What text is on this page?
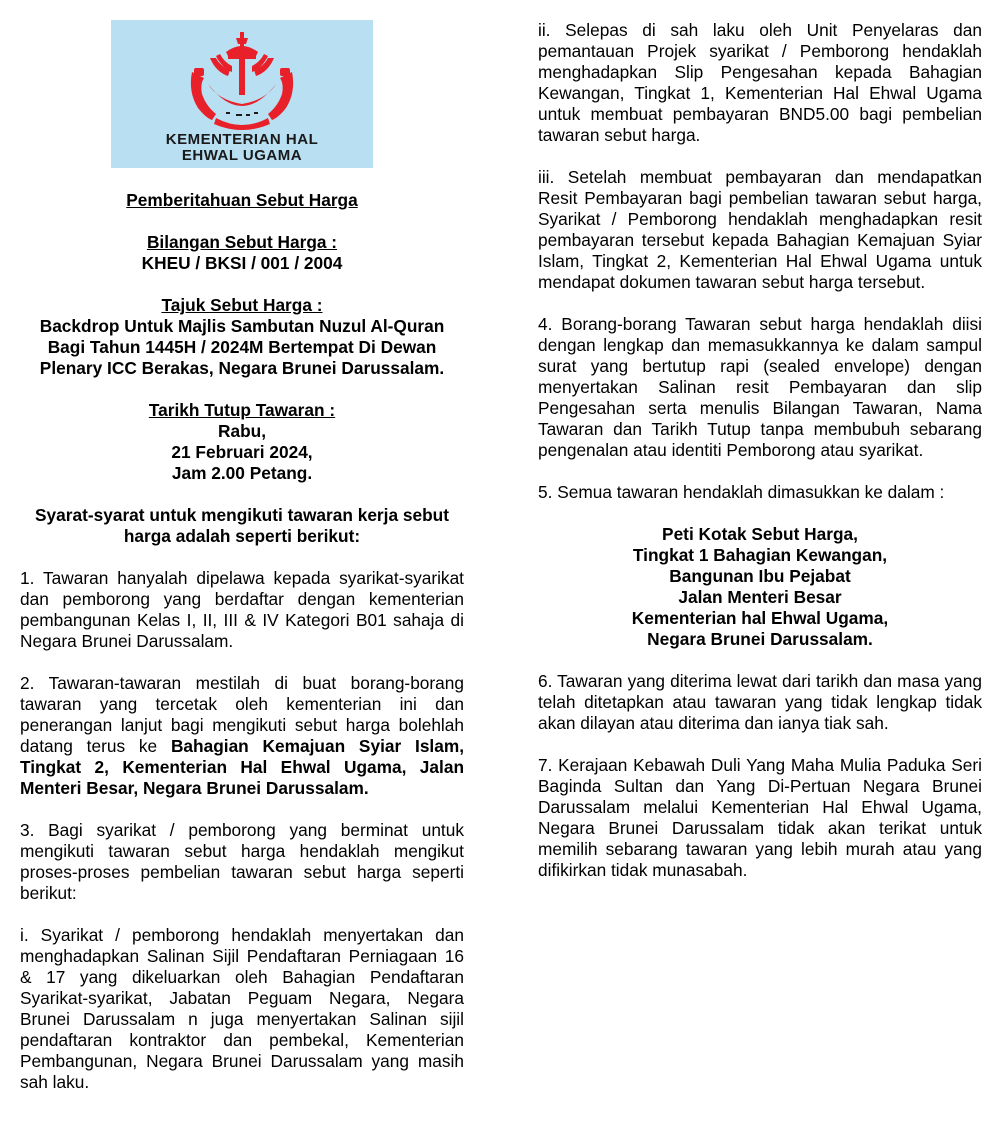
KEMENTERIAN HAL
EHWAL UGAMA

Pemberitahuan Sebut Harga

Bilangan Sebut Harga :

KHEU / BKSI / 001 / 2004

Tajuk Sebut Harga :

Backdrop Untuk Majlis Sambutan Nuzul Al-Quran

Bagi Tahun 1445H / 2024M Bertempat Di Dewan

Plenary ICC Berakas, Negara Brunei Darussalam.

Tarikh Tutup Tawaran :

Rabu,

21 Februari 2024,

Jam 2.00 Petang.

Syarat-syarat untuk mengikuti tawaran kerja sebut

harga adalah seperti berikut:

1. Tawaran hanyalah dipelawa kepada syarikat-syarikat dan pemborong yang berdaftar dengan kementerian pembangunan Kelas I, II, III & IV Kategori B01 sahaja di Negara Brunei Darussalam.

2. Tawaran-tawaran mestilah di buat borang-borang tawaran yang tercetak oleh kementerian ini dan penerangan lanjut bagi mengikuti sebut harga bolehlah datang terus ke Bahagian Kemajuan Syiar Islam, Tingkat 2, Kementerian Hal Ehwal Ugama, Jalan Menteri Besar, Negara Brunei Darussalam.

3. Bagi syarikat / pemborong yang berminat untuk mengikuti tawaran sebut harga hendaklah mengikut proses-proses pembelian tawaran sebut harga seperti berikut:

i. Syarikat / pemborong hendaklah menyertakan dan menghadapkan Salinan Sijil Pendaftaran Perniagaan 16 & 17 yang dikeluarkan oleh Bahagian Pendaftaran Syarikat-syarikat, Jabatan Peguam Negara, Negara Brunei Darussalam n juga menyertakan Salinan sijil pendaftaran kontraktor dan pembekal, Kementerian Pembangunan, Negara Brunei Darussalam yang masih sah laku.

ii. Selepas di sah laku oleh Unit Penyelaras dan pemantauan Projek syarikat / Pemborong hendaklah menghadapkan Slip Pengesahan kepada Bahagian Kewangan, Tingkat 1, Kementerian Hal Ehwal Ugama untuk membuat pembayaran BND5.00 bagi pembelian tawaran sebut harga.

iii. Setelah membuat pembayaran dan mendapatkan Resit Pembayaran bagi pembelian tawaran sebut harga, Syarikat / Pemborong hendaklah menghadapkan resit pembayaran tersebut kepada Bahagian Kemajuan Syiar Islam, Tingkat 2, Kementerian Hal Ehwal Ugama untuk mendapat dokumen tawaran sebut harga tersebut.

4. Borang-borang Tawaran sebut harga hendaklah diisi dengan lengkap dan memasukkannya ke dalam sampul surat yang bertutup rapi (sealed envelope) dengan menyertakan Salinan resit Pembayaran dan slip Pengesahan serta menulis Bilangan Tawaran, Nama Tawaran dan Tarikh Tutup tanpa membubuh sebarang pengenalan atau identiti Pemborong atau syarikat.

5. Semua tawaran hendaklah dimasukkan ke dalam :

Peti Kotak Sebut Harga,

Tingkat 1 Bahagian Kewangan,

Bangunan Ibu Pejabat

Jalan Menteri Besar

Kementerian hal Ehwal Ugama,

Negara Brunei Darussalam.

6. Tawaran yang diterima lewat dari tarikh dan masa yang telah ditetapkan atau tawaran yang tidak lengkap tidak akan dilayan atau diterima dan ianya tiak sah.

7. Kerajaan Kebawah Duli Yang Maha Mulia Paduka Seri Baginda Sultan dan Yang Di-Pertuan Negara Brunei Darussalam melalui Kementerian Hal Ehwal Ugama, Negara Brunei Darussalam tidak akan terikat untuk memilih sebarang tawaran yang lebih murah atau yang difikirkan tidak munasabah.
